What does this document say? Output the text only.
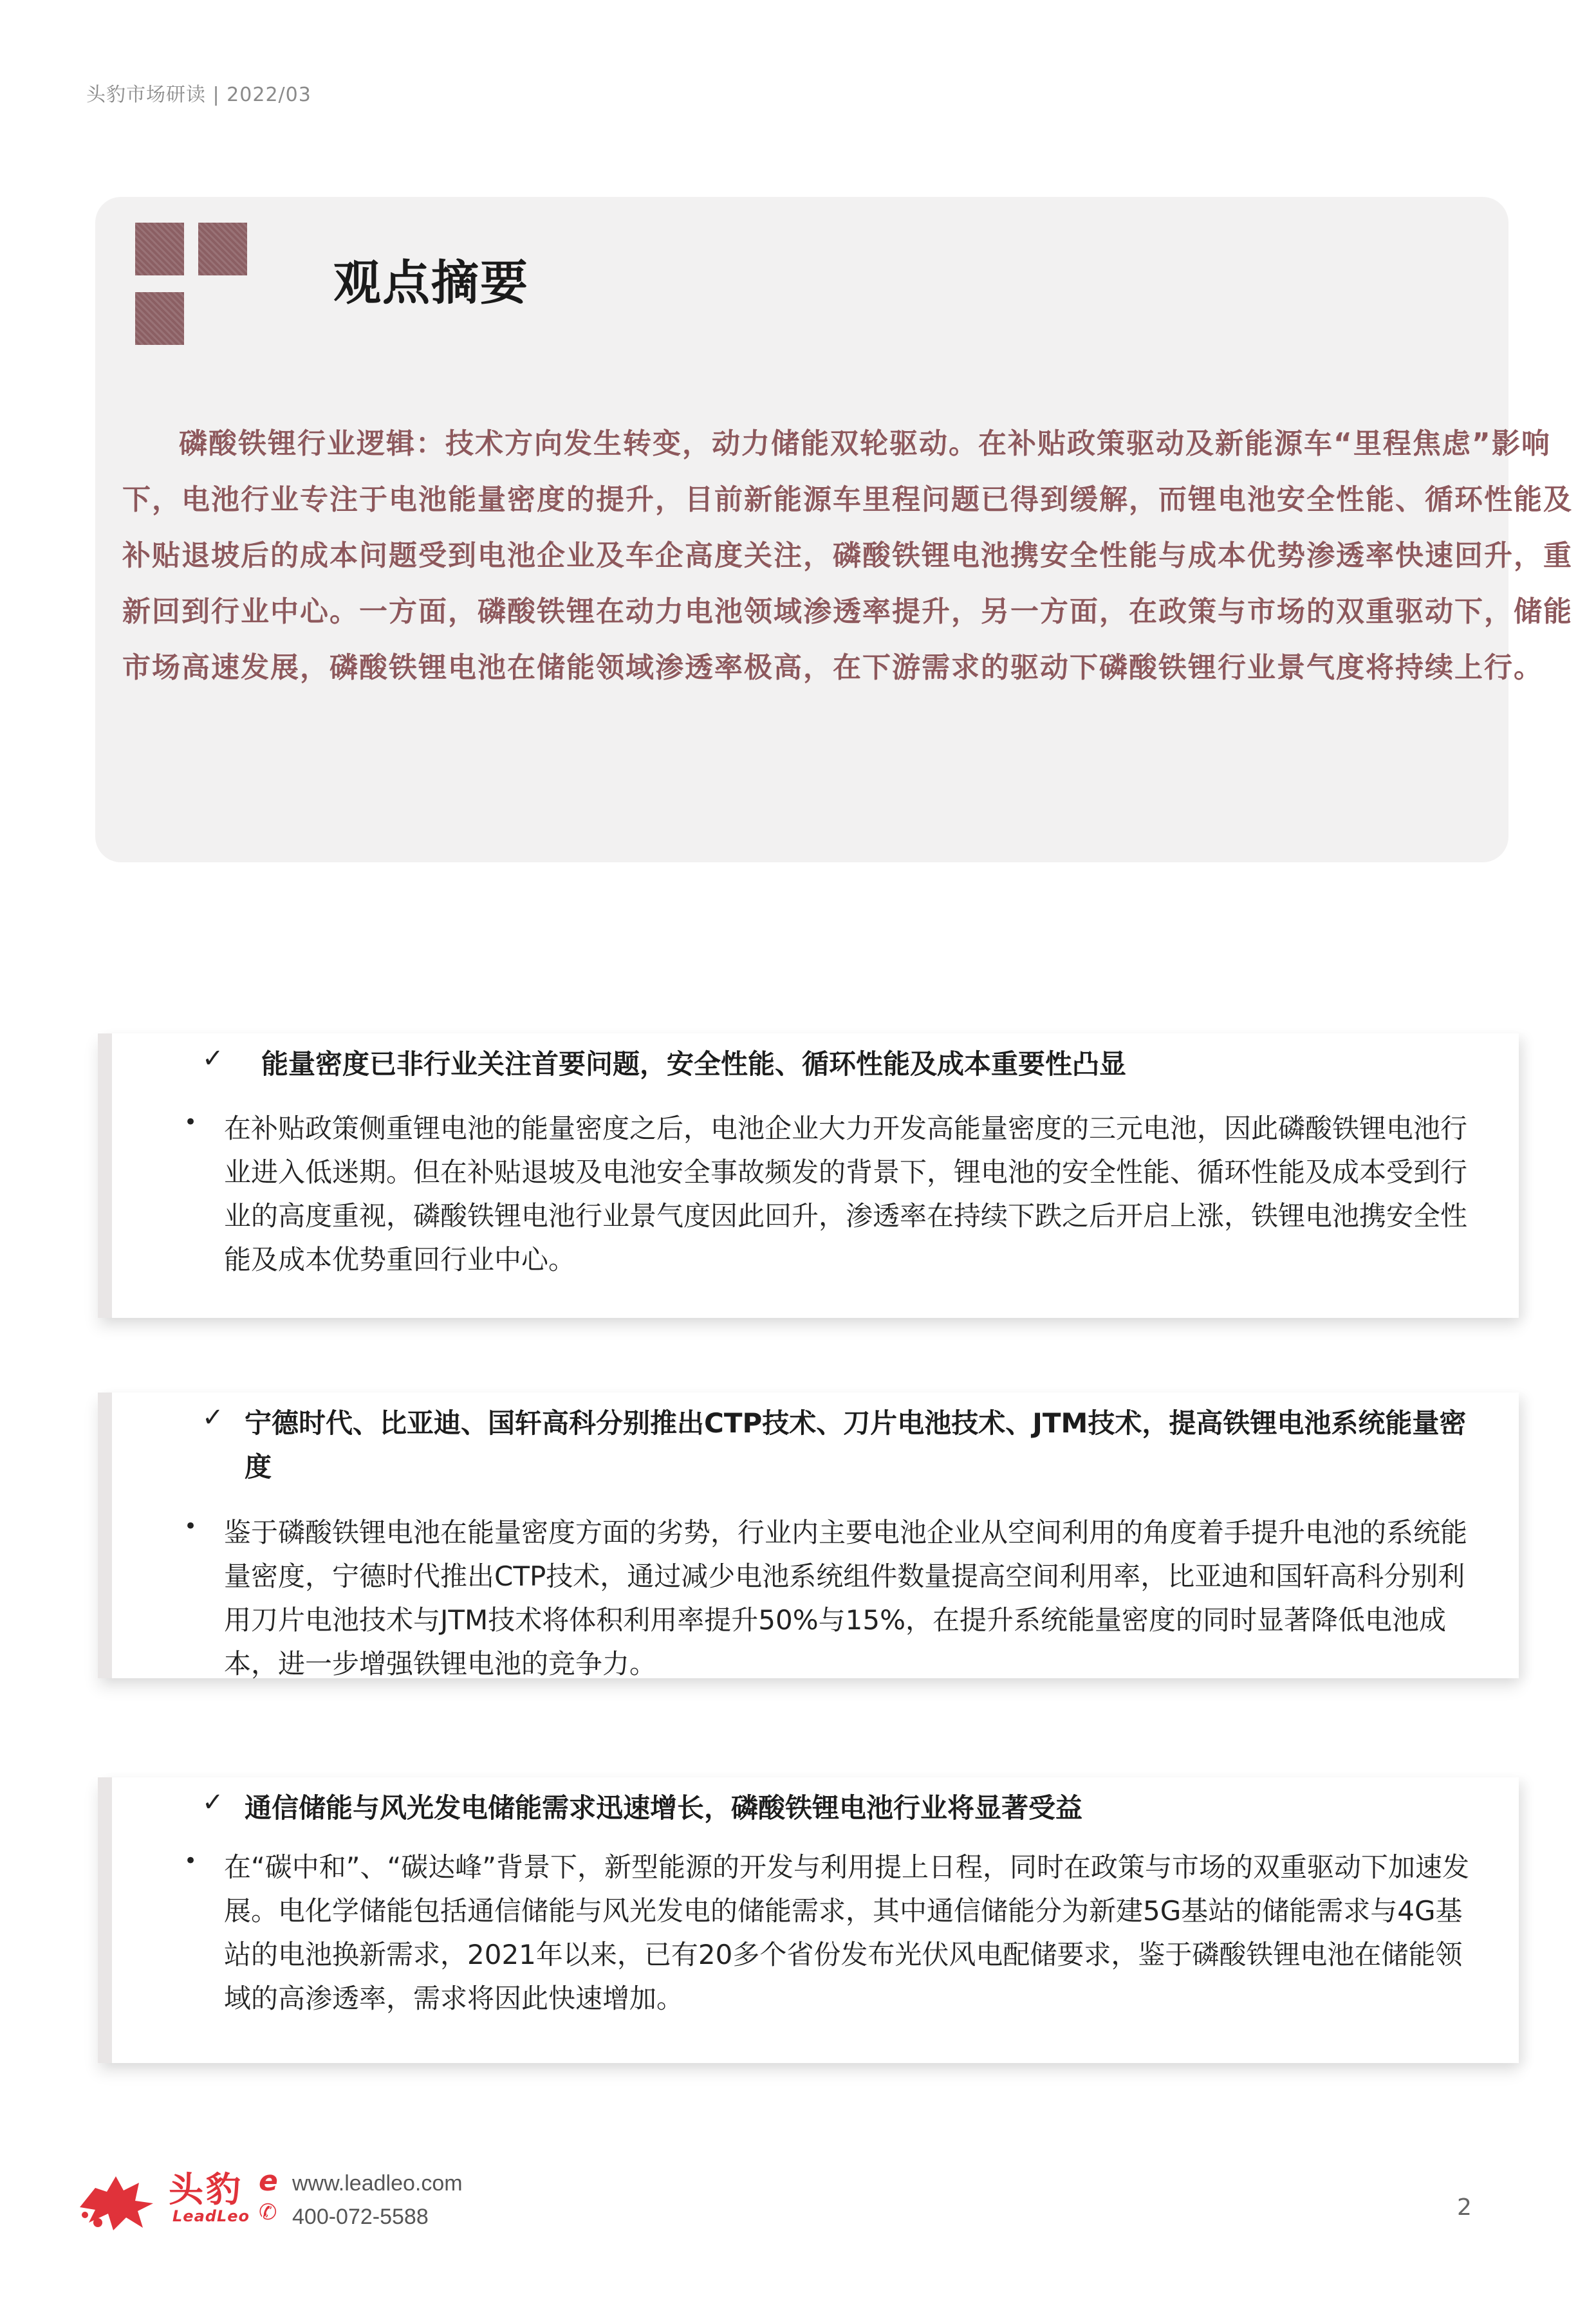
头豹市场研读 | 2022/03
观点摘要

磷酸铁锂行业逻辑：技术方向发生转变，动力储能双轮驱动。在补贴政策驱动及新能源车“里程焦虑”影响下，电池行业专注于电池能量密度的提升，目前新能源车里程问题已得到缓解，而锂电池安全性能、循环性能及补贴退坡后的成本问题受到电池企业及车企高度关注，磷酸铁锂电池携安全性能与成本优势渗透率快速回升，重新回到行业中心。一方面，磷酸铁锂在动力电池领域渗透率提升，另一方面，在政策与市场的双重驱动下，储能市场高速发展，磷酸铁锂电池在储能领域渗透率极高，在下游需求的驱动下磷酸铁锂行业景气度将持续上行。

✓ 能量密度已非行业关注首要问题，安全性能、循环性能及成本重要性凸显

• 在补贴政策侧重锂电池的能量密度之后，电池企业大力开发高能量密度的三元电池，因此磷酸铁锂电池行业进入低迷期。但在补贴退坡及电池安全事故频发的背景下，锂电池的安全性能、循环性能及成本受到行业的高度重视，磷酸铁锂电池行业景气度因此回升，渗透率在持续下跌之后开启上涨，铁锂电池携安全性能及成本优势重回行业中心。

✓ 宁德时代、比亚迪、国轩高科分别推出CTP技术、刀片电池技术、JTM技术，提高铁锂电池系统能量密度

• 鉴于磷酸铁锂电池在能量密度方面的劣势，行业内主要电池企业从空间利用的角度着手提升电池的系统能量密度，宁德时代推出CTP技术，通过减少电池系统组件数量提高空间利用率，比亚迪和国轩高科分别利用刀片电池技术与JTM技术将体积利用率提升50%与15%，在提升系统能量密度的同时显著降低电池成本，进一步增强铁锂电池的竞争力。

✓ 通信储能与风光发电储能需求迅速增长，磷酸铁锂电池行业将显著受益

• 在“碳中和”、“碳达峰”背景下，新型能源的开发与利用提上日程，同时在政策与市场的双重驱动下加速发展。电化学储能包括通信储能与风光发电的储能需求，其中通信储能分为新建5G基站的储能需求与4G基站的电池换新需求，2021年以来，已有20多个省份发布光伏风电配储要求，鉴于磷酸铁锂电池在储能领域的高渗透率，需求将因此快速增加。

头豹
LeadLeo
e www.leadleo.com
✆ 400-072-5588	2
